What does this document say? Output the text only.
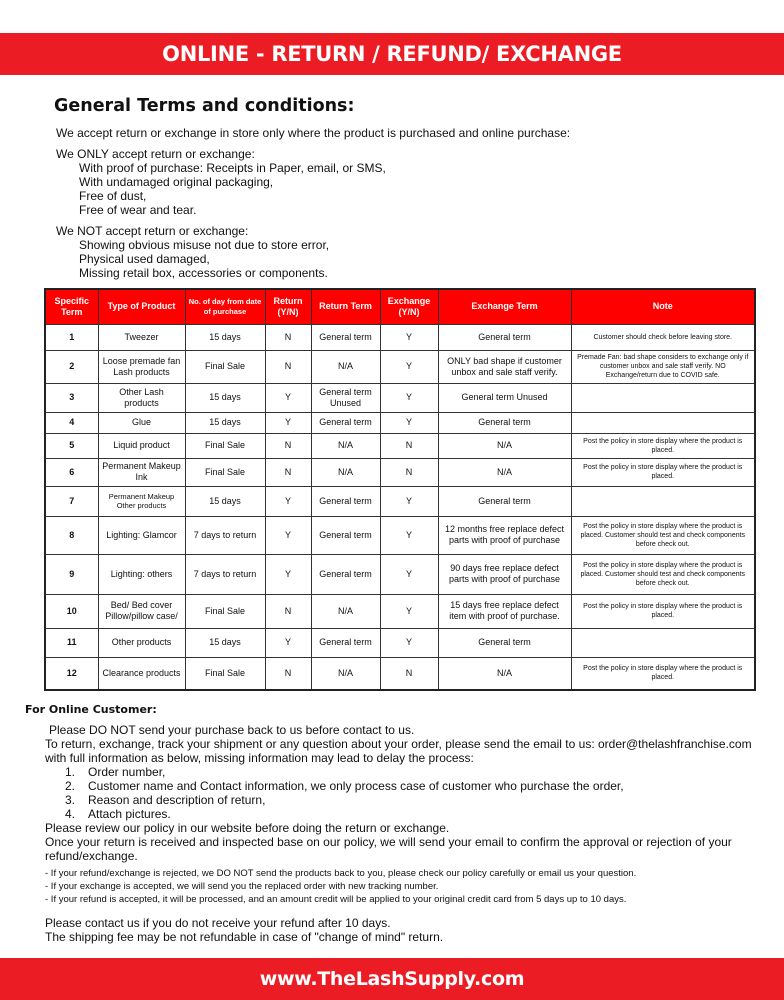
ONLINE - RETURN / REFUND/ EXCHANGE
General Terms and conditions:

We accept return or exchange in store only where the product is purchased and online purchase:

We ONLY accept return or exchange:

With proof of purchase: Receipts in Paper, email, or SMS,

With undamaged original packaging,

Free of dust,

Free of wear and tear.

We NOT accept return or exchange:

Showing obvious misuse not due to store error,

Physical used damaged,

Missing retail box, accessories or components.

Specific Term	Type of Product	No. of day from date of purchase	Return (Y/N)	Return Term	Exchange (Y/N)	Exchange Term	Note
1	Tweezer	15 days	N	General term	Y	General term	Customer should check before leaving store.
2	Loose premade fan Lash products	Final Sale	N	N/A	Y	ONLY bad shape if customer unbox and sale staff verify.	Premade Fan: bad shape considers to exchange only if customer unbox and sale staff verify. NO Exchange/return due to COVID safe.
3	Other Lash products	15 days	Y	General term Unused	Y	General term Unused	
4	Glue	15 days	Y	General term	Y	General term	
5	Liquid product	Final Sale	N	N/A	N	N/A	Post the policy in store display where the product is placed.
6	Permanent Makeup Ink	Final Sale	N	N/A	N	N/A	Post the policy in store display where the product is placed.
7	Permanent Makeup Other products	15 days	Y	General term	Y	General term	
8	Lighting: Glamcor	7 days to return	Y	General term	Y	12 months free replace defect parts with proof of purchase	Post the policy in store display where the product is placed. Customer should test and check components before check out.
9	Lighting: others	7 days to return	Y	General term	Y	90 days free replace defect parts with proof of purchase	Post the policy in store display where the product is placed. Customer should test and check components before check out.
10	Bed/ Bed cover Pillow/pillow case/	Final Sale	N	N/A	Y	15 days free replace defect item with proof of purchase.	Post the policy in store display where the product is placed.
11	Other products	15 days	Y	General term	Y	General term	
12	Clearance products	Final Sale	N	N/A	N	N/A	Post the policy in store display where the product is placed.
For Online Customer:

Please DO NOT send your purchase back to us before contact to us.

To return, exchange, track your shipment or any question about your order, please send the email to us: order@thelashfranchise.com

with full information as below, missing information may lead to delay the process:

1. Order number,
2. Customer name and Contact information, we only process case of customer who purchase the order,
3. Reason and description of return,
4. Attach pictures.

Please review our policy in our website before doing the return or exchange.

Once your return is received and inspected base on our policy, we will send your email to confirm the approval or rejection of your

refund/exchange.

- If your refund/exchange is rejected, we DO NOT send the products back to you, please check our policy carefully or email us your question.

- If your exchange is accepted, we will send you the replaced order with new tracking number.

- If your refund is accepted, it will be processed, and an amount credit will be applied to your original credit card from 5 days up to 10 days.

Please contact us if you do not receive your refund after 10 days.

The shipping fee may be not refundable in case of "change of mind" return.

www.TheLashSupply.com
